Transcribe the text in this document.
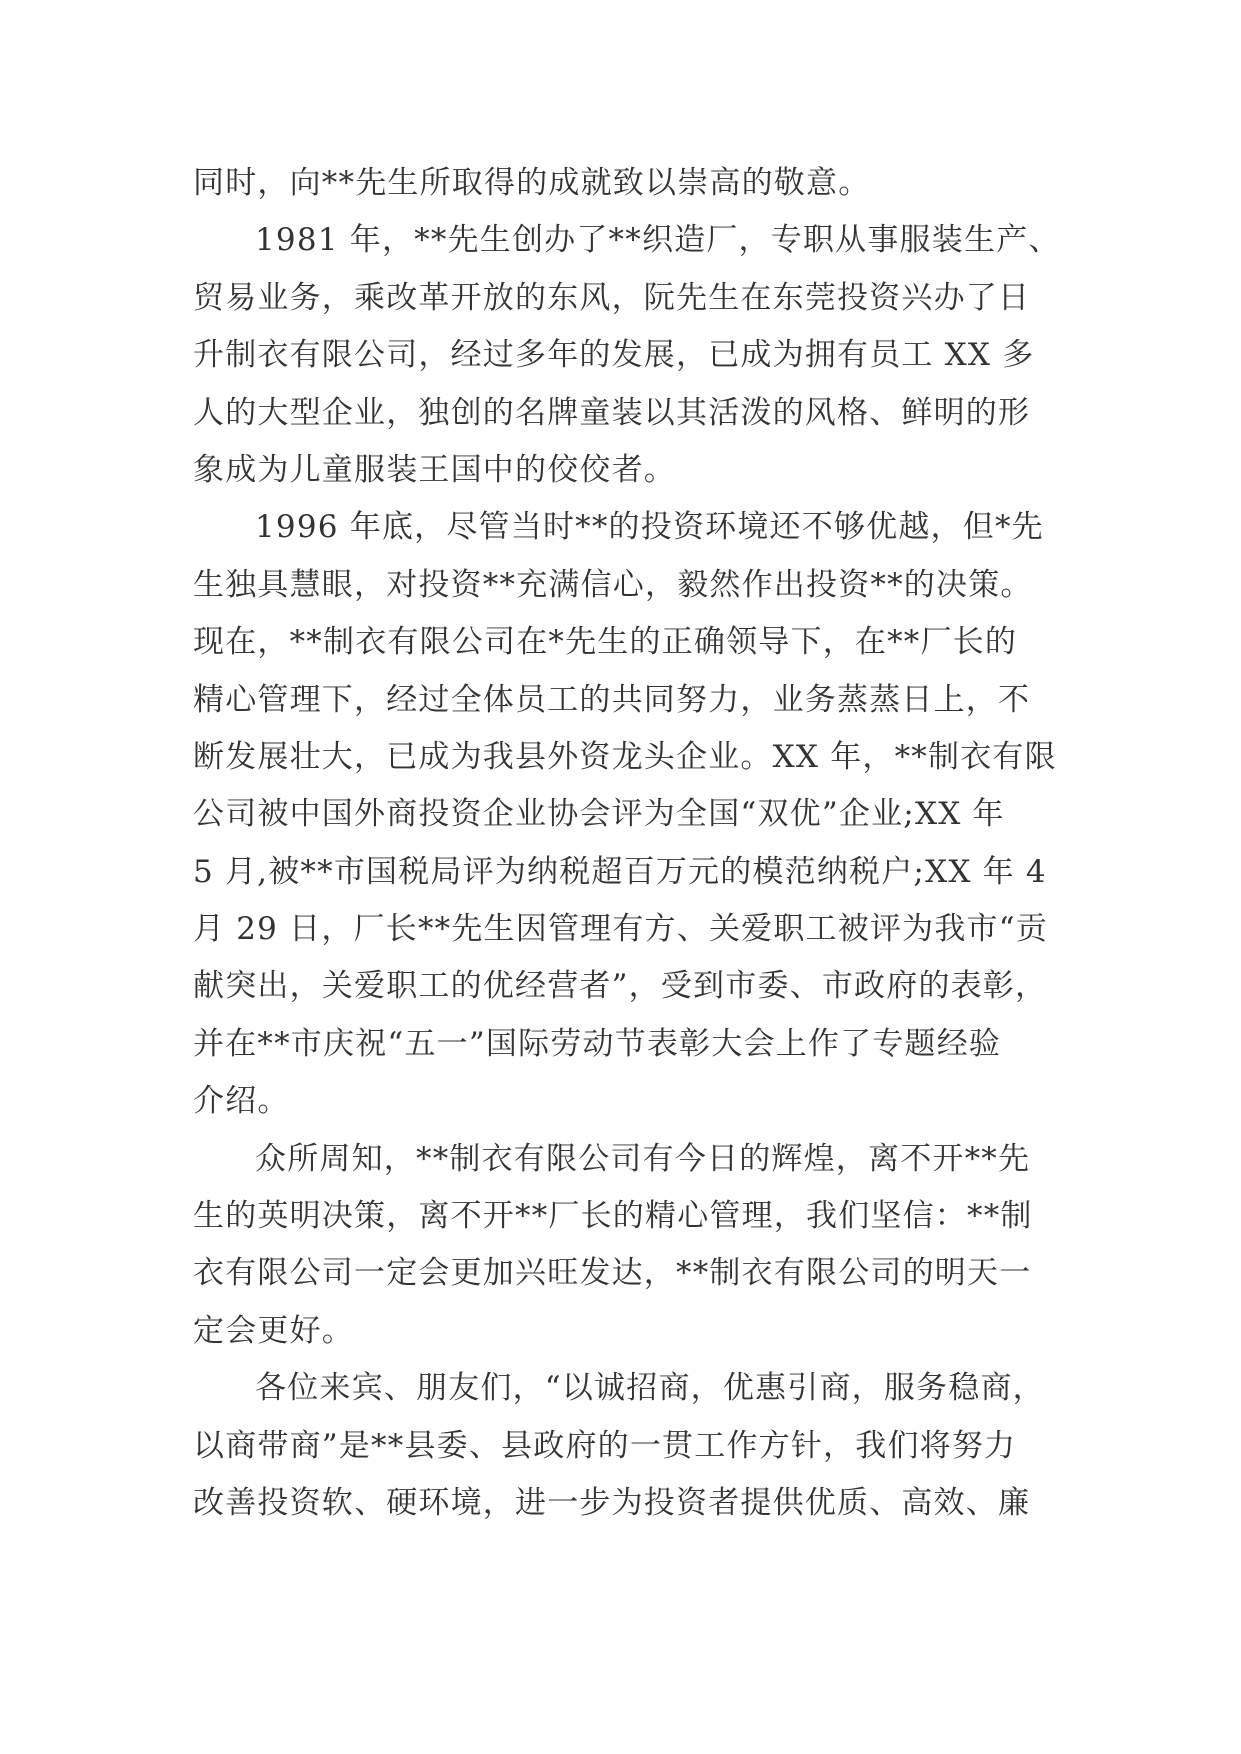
同时，向**先生所取得的成就致以崇高的敬意。
1981 年，**先生创办了**织造厂，专职从事服装生产、
贸易业务，乘改革开放的东风，阮先生在东莞投资兴办了日
升制衣有限公司，经过多年的发展，已成为拥有员工 XX 多
人的大型企业，独创的名牌童装以其活泼的风格、鲜明的形
象成为儿童服装王国中的佼佼者。
1996 年底，尽管当时**的投资环境还不够优越，但*先
生独具慧眼，对投资**充满信心，毅然作出投资**的决策。
现在，**制衣有限公司在*先生的正确领导下，在**厂长的
精心管理下，经过全体员工的共同努力，业务蒸蒸日上，不
断发展壮大，已成为我县外资龙头企业。XX 年，**制衣有限
公司被中国外商投资企业协会评为全国“双优”企业;XX 年
5 月,被**市国税局评为纳税超百万元的模范纳税户;XX 年 4
月 29 日，厂长**先生因管理有方、关爱职工被评为我市“贡
献突出，关爱职工的优经营者”，受到市委、市政府的表彰，
并在**市庆祝“五一”国际劳动节表彰大会上作了专题经验
介绍。
众所周知，**制衣有限公司有今日的辉煌，离不开**先
生的英明决策，离不开**厂长的精心管理，我们坚信：**制
衣有限公司一定会更加兴旺发达，**制衣有限公司的明天一
定会更好。
各位来宾、朋友们，“以诚招商，优惠引商，服务稳商，
以商带商”是**县委、县政府的一贯工作方针，我们将努力
改善投资软、硬环境，进一步为投资者提供优质、高效、廉
